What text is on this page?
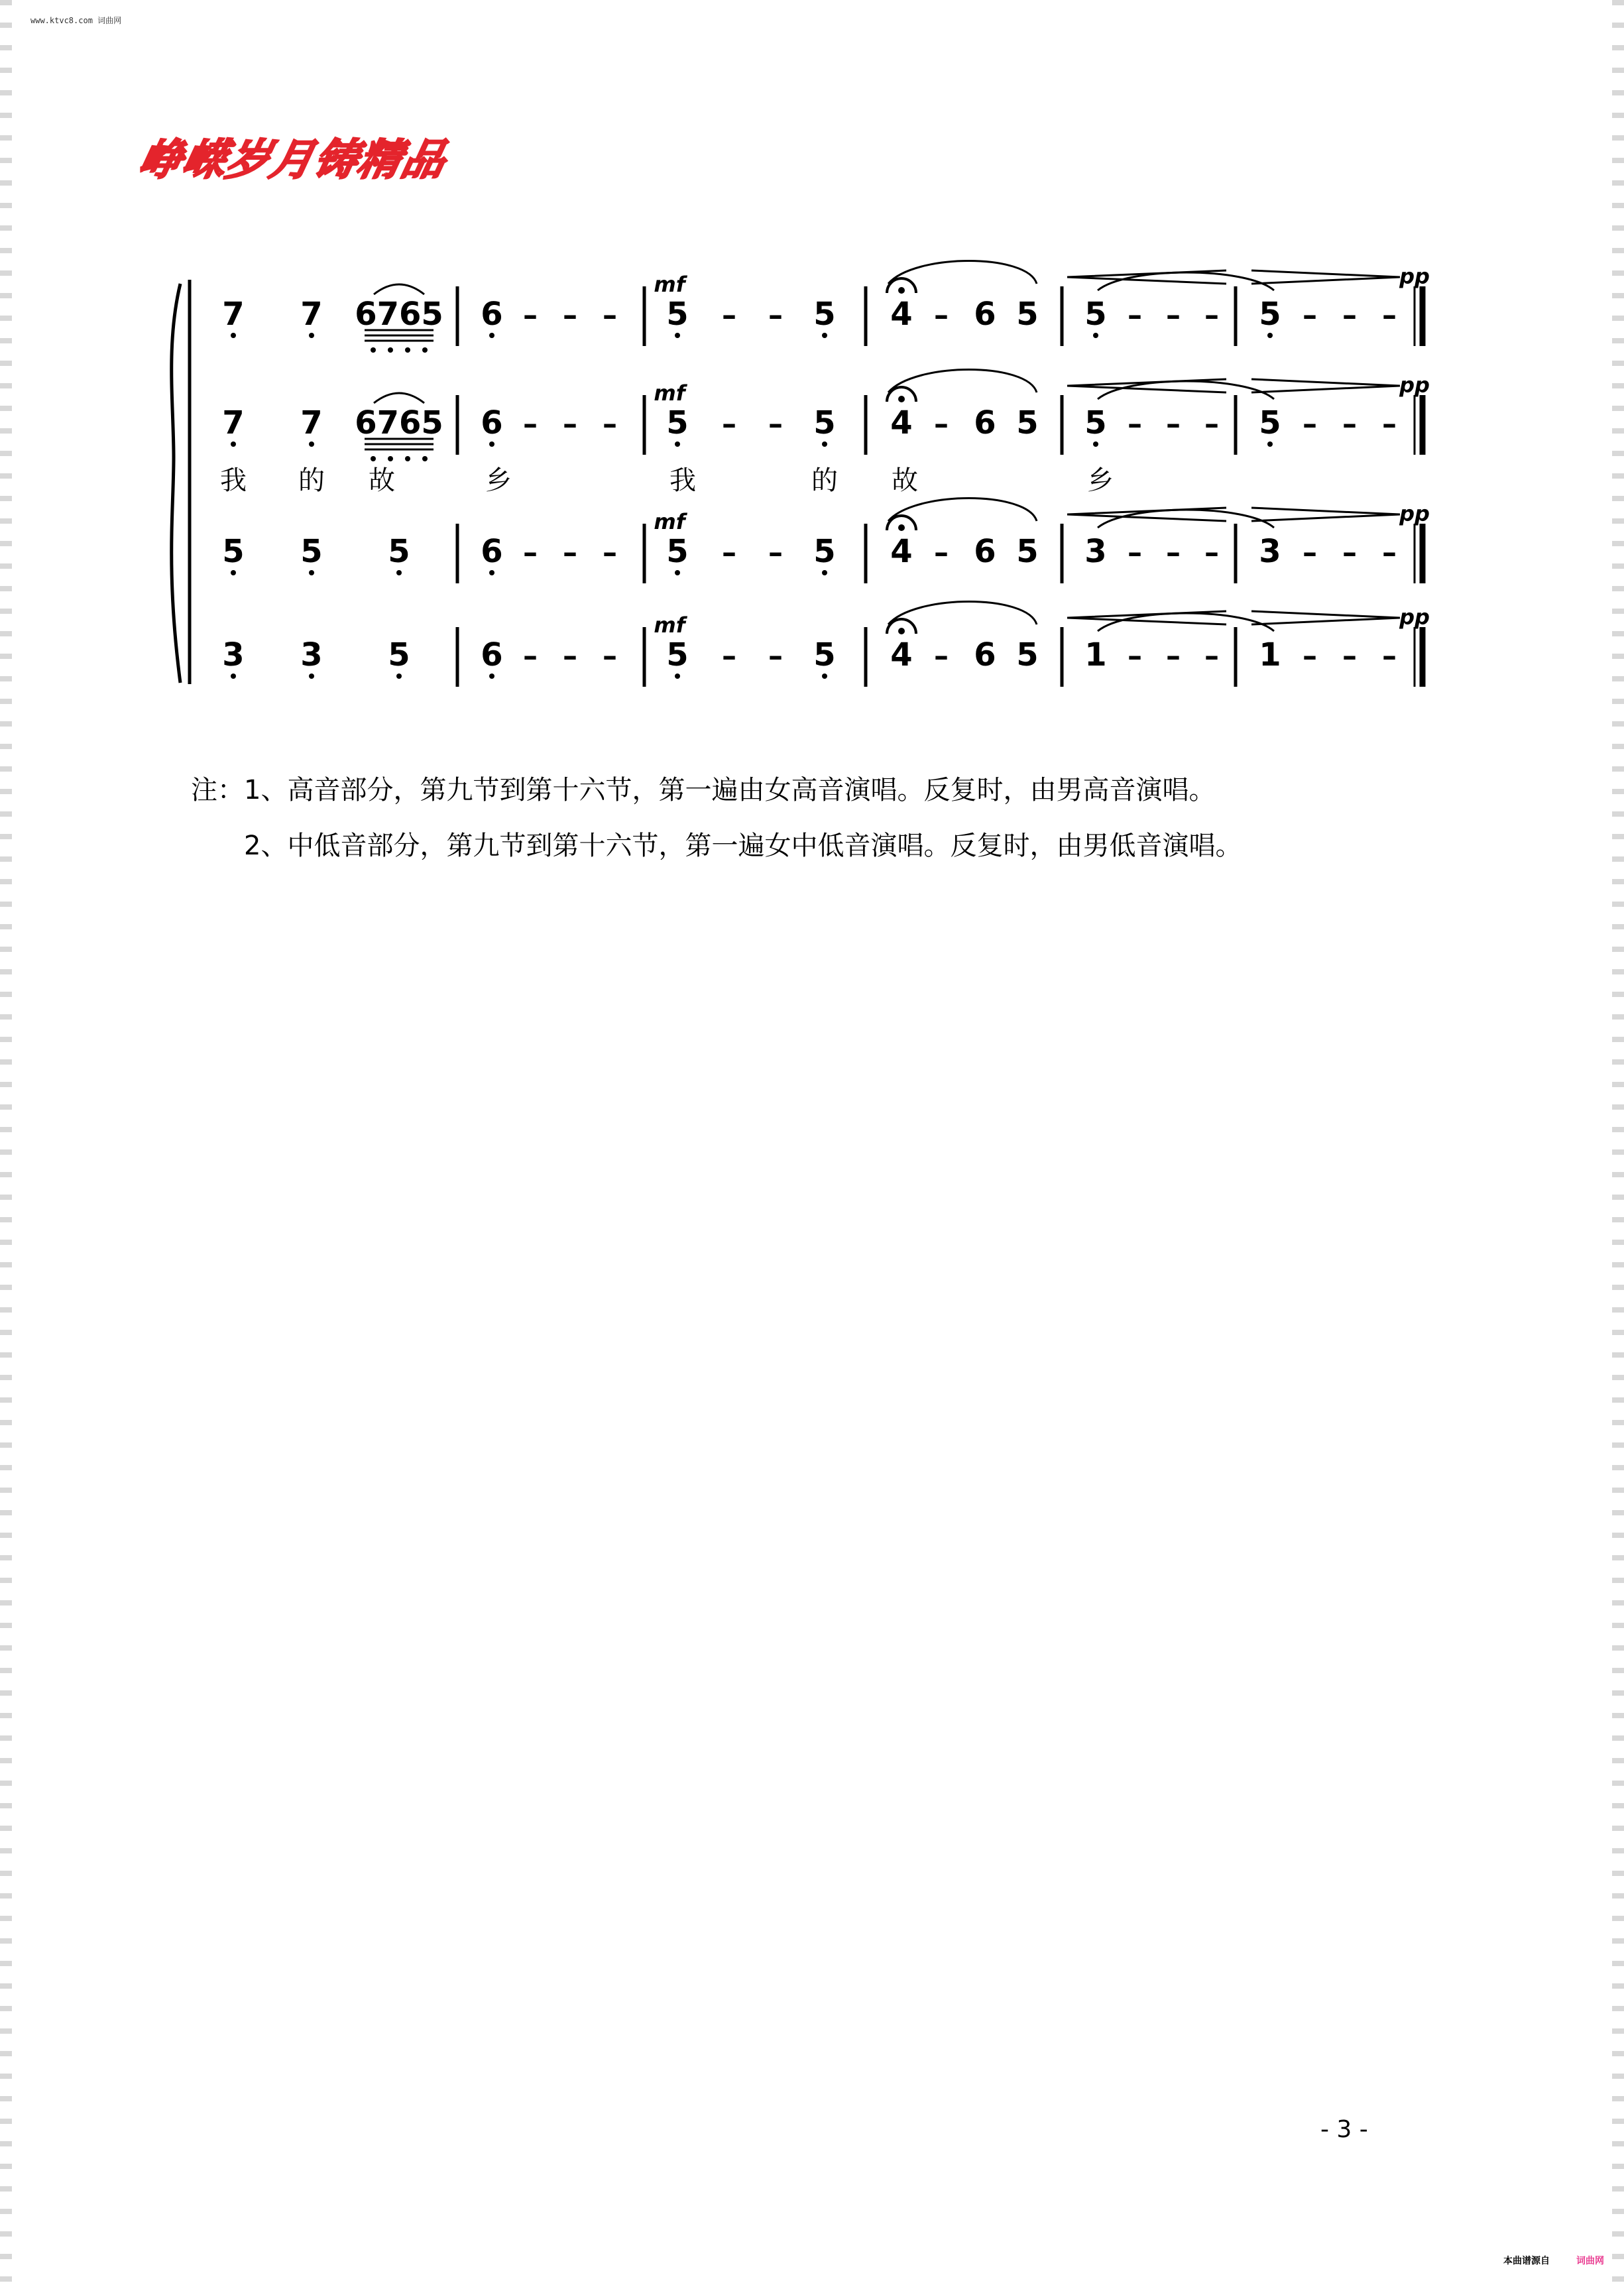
www.ktvc8.com 词曲网
峥嵘岁月铸精品
7 7 6765 6 – – – 5
mf
– – 5 4 – 6 5 5 – – – 5 – – –
pp
7 7 6765 6 – – – 5
mf
– – 5 4 – 6 5 5 – – – 5 – – –
pp
5 5 5 6 – – – 5
mf
– – 5 4 – 6 5 3 – – – 3 – – –
pp
3 3 5 6 – – – 5
mf
– – 5 4 – 6 5 1 – – – 1 – – –
pp
我 的 故	乡	我	的 故	乡
注：1、高音部分，第九节到第十六节，第一遍由女高音演唱。反复时，由男高音演唱。
2、中低音部分，第九节到第十六节，第一遍女中低音演唱。反复时，由男低音演唱。
- 3 -
本曲谱源自	词曲网
